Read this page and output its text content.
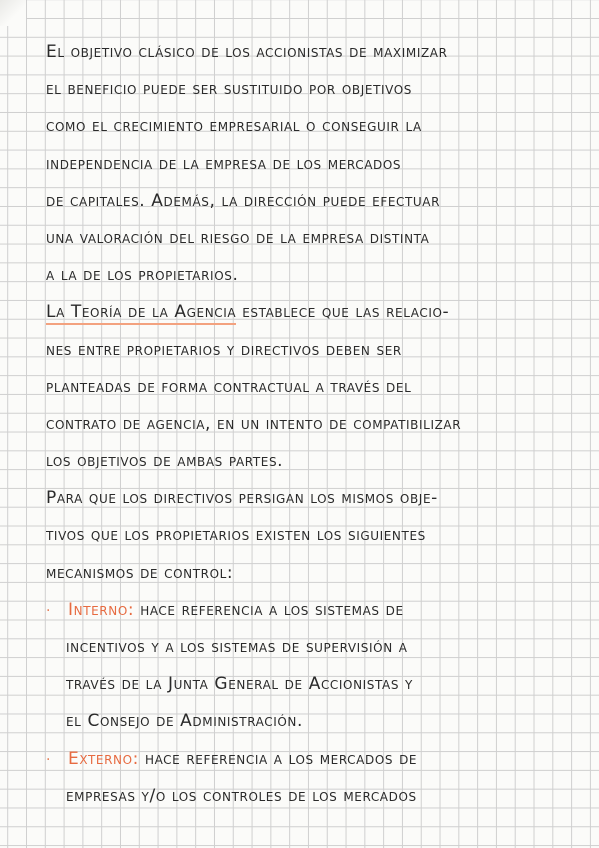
El objetivo clásico de los accionistas de maximizar
el beneficio puede ser sustituido por objetivos
como el crecimiento empresarial o conseguir la
independencia de la empresa de los mercados
de capitales. Además, la dirección puede efectuar
una valoración del riesgo de la empresa distinta
a la de los propietarios.
La Teoría de la Agencia establece que las relacio-
nes entre propietarios y directivos deben ser
planteadas de forma contractual a través del
contrato de agencia, en un intento de compatibilizar
los objetivos de ambas partes.
Para que los directivos persigan los mismos obje-
tivos que los propietarios existen los siguientes
mecanismos de control:
· Interno: hace referencia a los sistemas de
incentivos y a los sistemas de supervisión a
través de la Junta General de Accionistas y
el Consejo de Administración.
· Externo: hace referencia a los mercados de
empresas y/o los controles de los mercados
